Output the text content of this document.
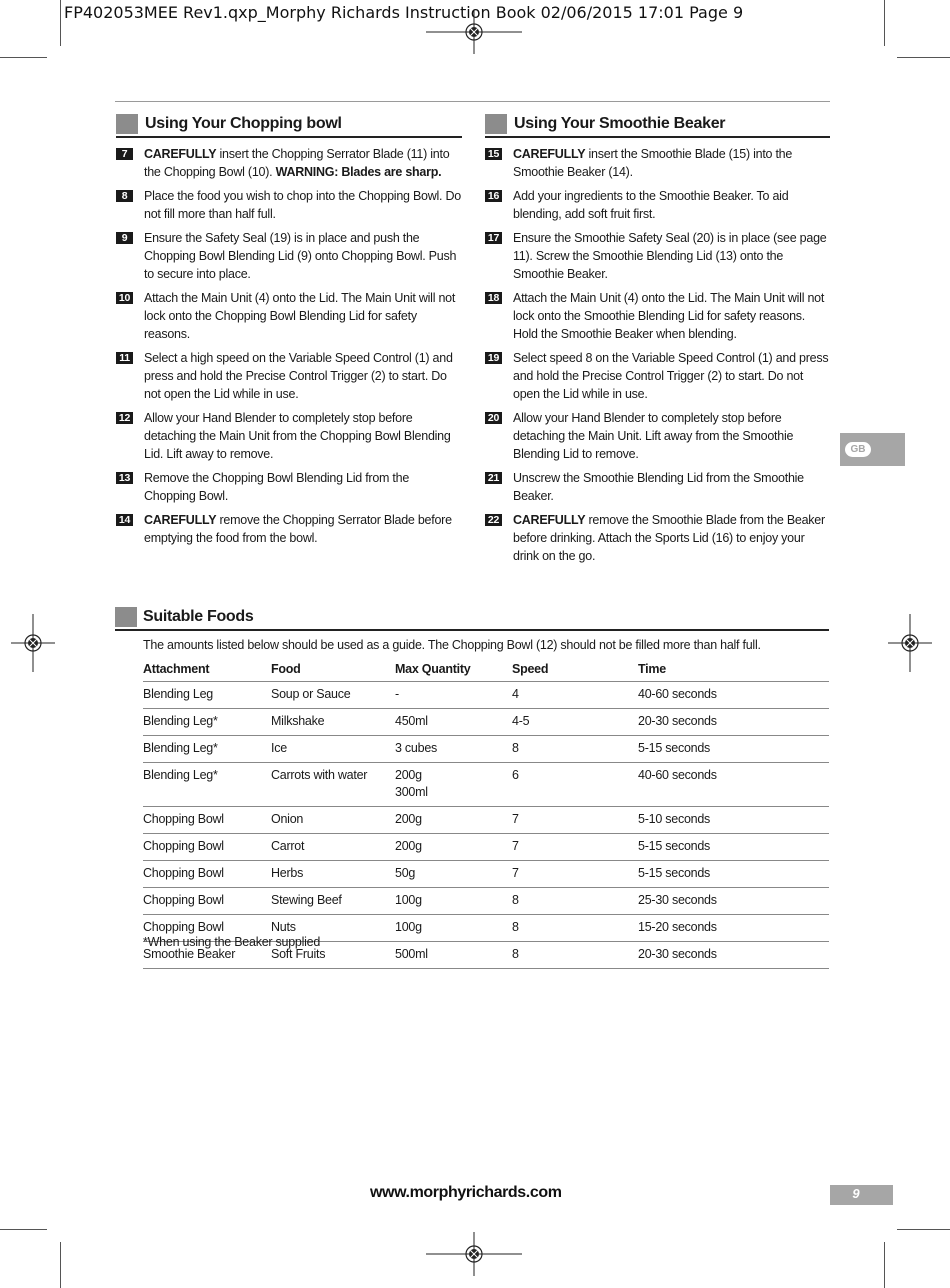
FP402053MEE Rev1.qxp_Morphy Richards Instruction Book 02/06/2015 17:01 Page 9
Using Your Chopping bowl
7	CAREFULLY insert the Chopping Serrator Blade (11) into the Chopping Bowl (10). WARNING: Blades are sharp.
8	Place the food you wish to chop into the Chopping Bowl. Do not fill more than half full.
9	Ensure the Safety Seal (19) is in place and push the Chopping Bowl Blending Lid (9) onto Chopping Bowl. Push to secure into place.
10 Attach the Main Unit (4) onto the Lid. The Main Unit will not lock onto the Chopping Bowl Blending Lid for safety reasons.
11 Select a high speed on the Variable Speed Control (1) and press and hold the Precise Control Trigger (2) to start. Do not open the Lid while in use.
12 Allow your Hand Blender to completely stop before detaching the Main Unit from the Chopping Bowl Blending Lid. Lift away to remove.
13 Remove the Chopping Bowl Blending Lid from the Chopping Bowl.
14 CAREFULLY remove the Chopping Serrator Blade before emptying the food from the bowl.
Using Your Smoothie Beaker
15 CAREFULLY insert the Smoothie Blade (15) into the Smoothie Beaker (14).
16 Add your ingredients to the Smoothie Beaker. To aid blending, add soft fruit first.
17 Ensure the Smoothie Safety Seal (20) is in place (see page 11). Screw the Smoothie Blending Lid (13) onto the Smoothie Beaker.
18 Attach the Main Unit (4) onto the Lid. The Main Unit will not lock onto the Smoothie Blending Lid for safety reasons. Hold the Smoothie Beaker when blending.
19 Select speed 8 on the Variable Speed Control (1) and press and hold the Precise Control Trigger (2) to start. Do not open the Lid while in use.
20 Allow your Hand Blender to completely stop before detaching the Main Unit. Lift away from the Smoothie Blending Lid to remove.
21 Unscrew the Smoothie Blending Lid from the Smoothie Beaker.
22 CAREFULLY remove the Smoothie Blade from the Beaker before drinking. Attach the Sports Lid (16) to enjoy your drink on the go.
GB
Suitable Foods
The amounts listed below should be used as a guide. The Chopping Bowl (12) should not be filled more than half full.
Attachment	Food	Max Quantity	Speed	Time
Blending Leg	Soup or Sauce	-	4	40-60 seconds
Blending Leg*	Milkshake	450ml	4-5	20-30 seconds
Blending Leg*	Ice	3 cubes	8	5-15 seconds
Blending Leg*	Carrots with water	200g
300ml	6	40-60 seconds
Chopping Bowl	Onion	200g	7	5-10 seconds
Chopping Bowl	Carrot	200g	7	5-15 seconds
Chopping Bowl	Herbs	50g	7	5-15 seconds
Chopping Bowl	Stewing Beef	100g	8	25-30 seconds
Chopping Bowl	Nuts	100g	8	15-20 seconds
Smoothie Beaker	Soft Fruits	500ml	8	20-30 seconds
*When using the Beaker supplied
www.morphyrichards.com	9
